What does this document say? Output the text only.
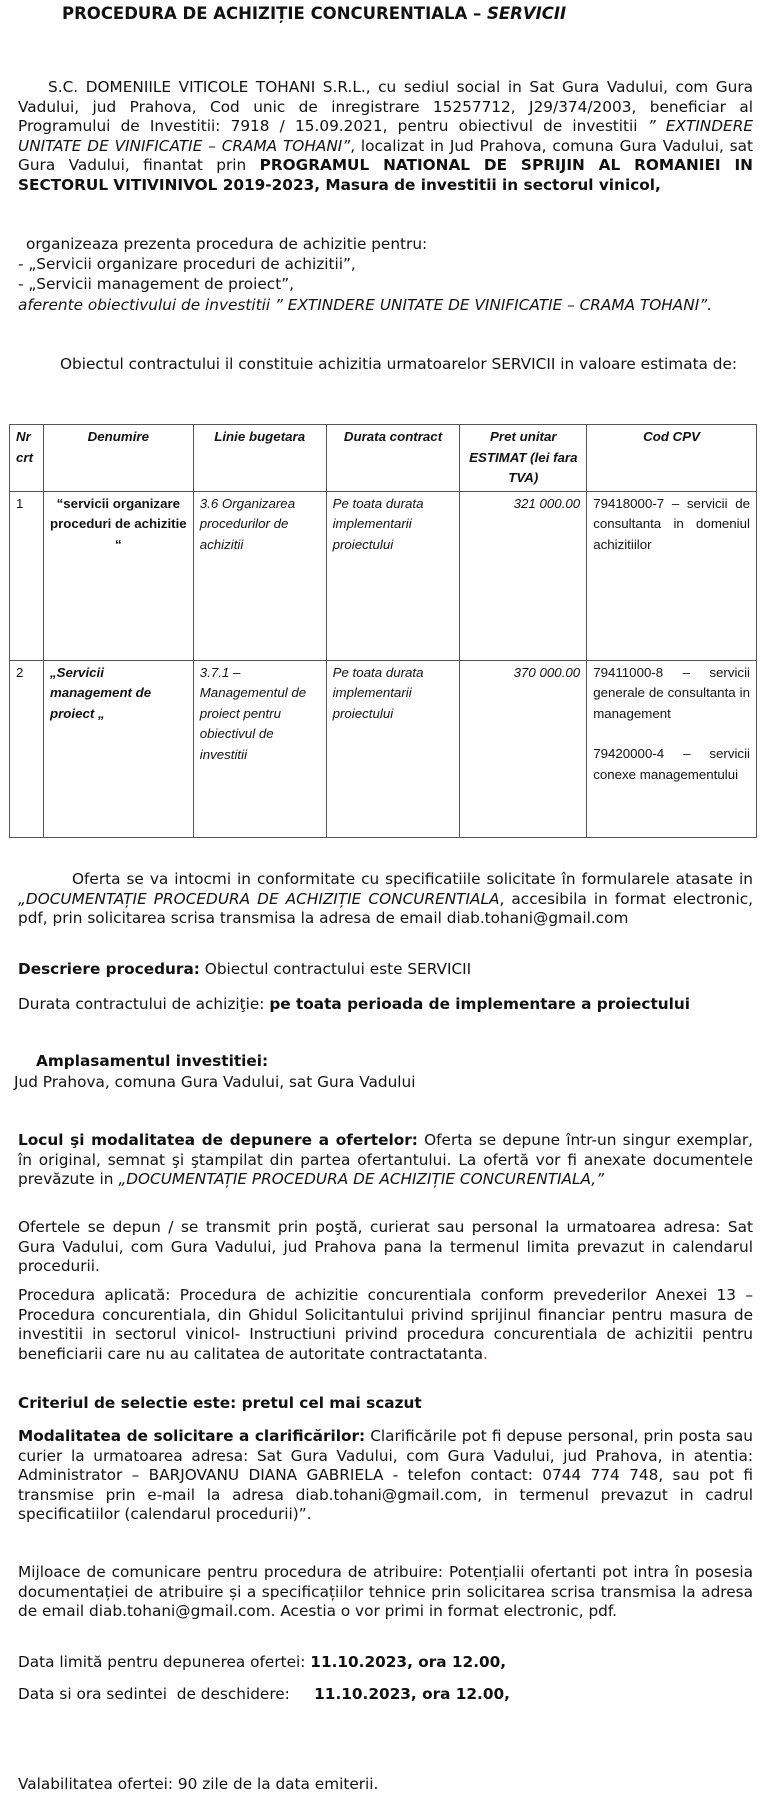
PROCEDURA DE ACHIZIȚIE CONCURENTIALA – SERVICII
S.C. DOMENIILE VITICOLE TOHANI S.R.L., cu sediul social in Sat Gura Vadului, com Gura Vadului, jud Prahova, Cod unic de inregistrare 15257712, J29/374/2003, beneficiar al Programului de Investitii: 7918 / 15.09.2021, pentru obiectivul de investitii ” EXTINDERE UNITATE DE VINIFICATIE – CRAMA TOHANI”, localizat in Jud Prahova, comuna Gura Vadului, sat Gura Vadului, finantat prin PROGRAMUL NATIONAL DE SPRIJIN AL ROMANIEI IN SECTORUL VITIVINIVOL 2019-2023, Masura de investitii in sectorul vinicol,
organizeaza prezenta procedura de achizitie pentru:
- „Servicii organizare proceduri de achizitii”,
- „Servicii management de proiect”,
aferente obiectivului de investitii ” EXTINDERE UNITATE DE VINIFICATIE – CRAMA TOHANI”.
Obiectul contractului il constituie achizitia urmatoarelor SERVICII in valoare estimata de:
Nr crt	Denumire	Linie bugetara	Durata contract	Pret unitar ESTIMAT (lei fara TVA)	Cod CPV
1	“servicii organizare proceduri de achizitie “	3.6 Organizarea procedurilor de achizitii	Pe toata durata implementarii proiectului	321 000.00	79418000-7 – servicii de consultanta in domeniul achizitiilor

2	„Servicii management de proiect „	3.7.1 – Managementul de proiect pentru obiectivul de investitii	Pe toata durata implementarii proiectului	370 000.00	79411000-8 – servicii generale de consultanta in management
79420000-4 – servicii conexe managementului
Oferta se va intocmi in conformitate cu specificatiile solicitate în formularele atasate in „DOCUMENTAȚIE PROCEDURA DE ACHIZIȚIE CONCURENTIALA, accesibila in format electronic, pdf, prin solicitarea scrisa transmisa la adresa de email diab.tohani@gmail.com
Descriere procedura: Obiectul contractului este SERVICII
Durata contractului de achiziţie: pe toata perioada de implementare a proiectului
Amplasamentul investitiei:
Jud Prahova, comuna Gura Vadului, sat Gura Vadului
Locul şi modalitatea de depunere a ofertelor: Oferta se depune într-un singur exemplar, în original, semnat şi ştampilat din partea ofertantului. La ofertă vor fi anexate documentele prevăzute in „DOCUMENTAȚIE PROCEDURA DE ACHIZIȚIE CONCURENTIALA,”
Ofertele se depun / se transmit prin poştă, curierat sau personal la urmatoarea adresa: Sat Gura Vadului, com Gura Vadului, jud Prahova pana la termenul limita prevazut in calendarul procedurii.
Procedura aplicată: Procedura de achizitie concurentiala conform prevederilor Anexei 13 – Procedura concurentiala, din Ghidul Solicitantului privind sprijinul financiar pentru masura de investitii in sectorul vinicol- Instructiuni privind procedura concurentiala de achizitii pentru beneficiarii care nu au calitatea de autoritate contractatanta.
Criteriul de selectie este: pretul cel mai scazut
Modalitatea de solicitare a clarificărilor: Clarificările pot fi depuse personal, prin posta sau curier la urmatoarea adresa: Sat Gura Vadului, com Gura Vadului, jud Prahova, in atentia: Administrator – BARJOVANU DIANA GABRIELA - telefon contact: 0744 774 748, sau pot fi transmise prin e-mail la adresa diab.tohani@gmail.com, in termenul prevazut in cadrul specificatiilor (calendarul procedurii)”.
Mijloace de comunicare pentru procedura de atribuire: Potențialii ofertanti pot intra în posesia documentației de atribuire și a specificațiilor tehnice prin solicitarea scrisa transmisa la adresa de email diab.tohani@gmail.com. Acestia o vor primi in format electronic, pdf.
Data limită pentru depunerea ofertei: 11.10.2023, ora 12.00,
Data si ora sedintei  de deschidere:     11.10.2023, ora 12.00,
Valabilitatea ofertei: 90 zile de la data emiterii.
